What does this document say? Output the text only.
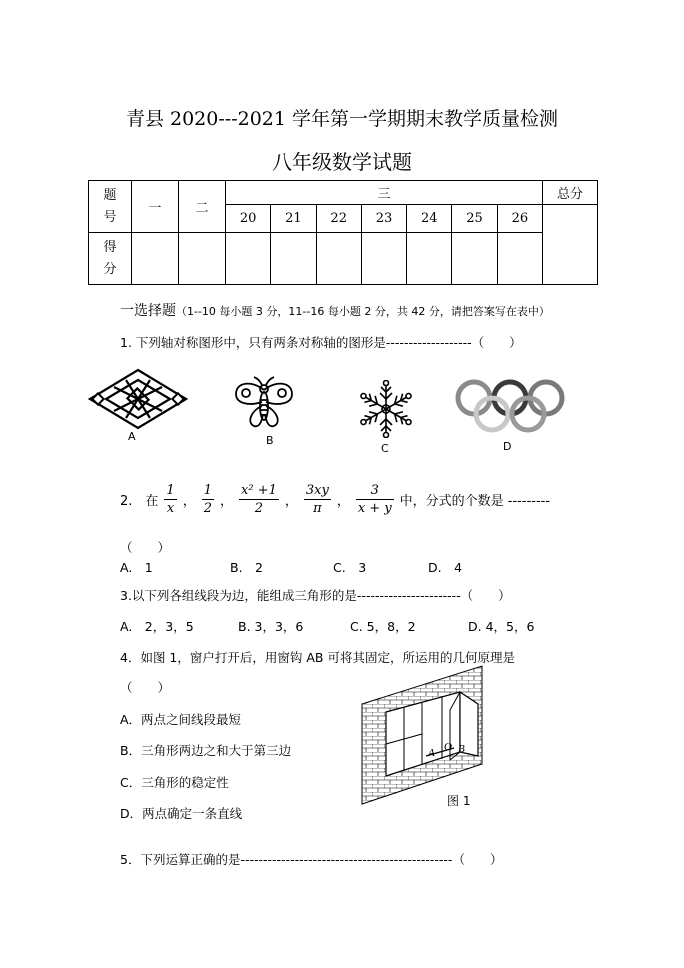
青县 2020---2021 学年第一学期期末教学质量检测
八年级数学试题
题号	一	二	三							总分
			20	21	22	23	24	25	26	

得分										

一选择题（1--10 每小题 3 分，11--16 每小题 2 分，共 42 分，请把答案写在表中）
1. 下列轴对称图形中，只有两条对称轴的图形是-------------------（　　）
A	B
C	D
2.　在 $\frac{1}{x}$ ， $\frac{1}{2}$ ， $\frac{\text{x² +1}}{2}$ ， $\frac{3xy}{\pi}$ ， $\frac{3}{x + y}$ 中，分式的个数是 ---------
（　　）
A.　1	B.　2	C.　3	D.　4
3.以下列各组线段为边，能组成三角形的是-----------------------（　　）
A.　2，3，5	B. 3，3，6	C. 5，8，2	D. 4，5，6
4．如图 1，窗户打开后，用窗钩 AB 可将其固定，所运用的几何原理是
（　　）
A．两点之间线段最短
B．三角形两边之和大于第三边
C．三角形的稳定性
D．两点确定一条直线
A O B
图 1
5．下列运算正确的是-----------------------------------------------（　　）
